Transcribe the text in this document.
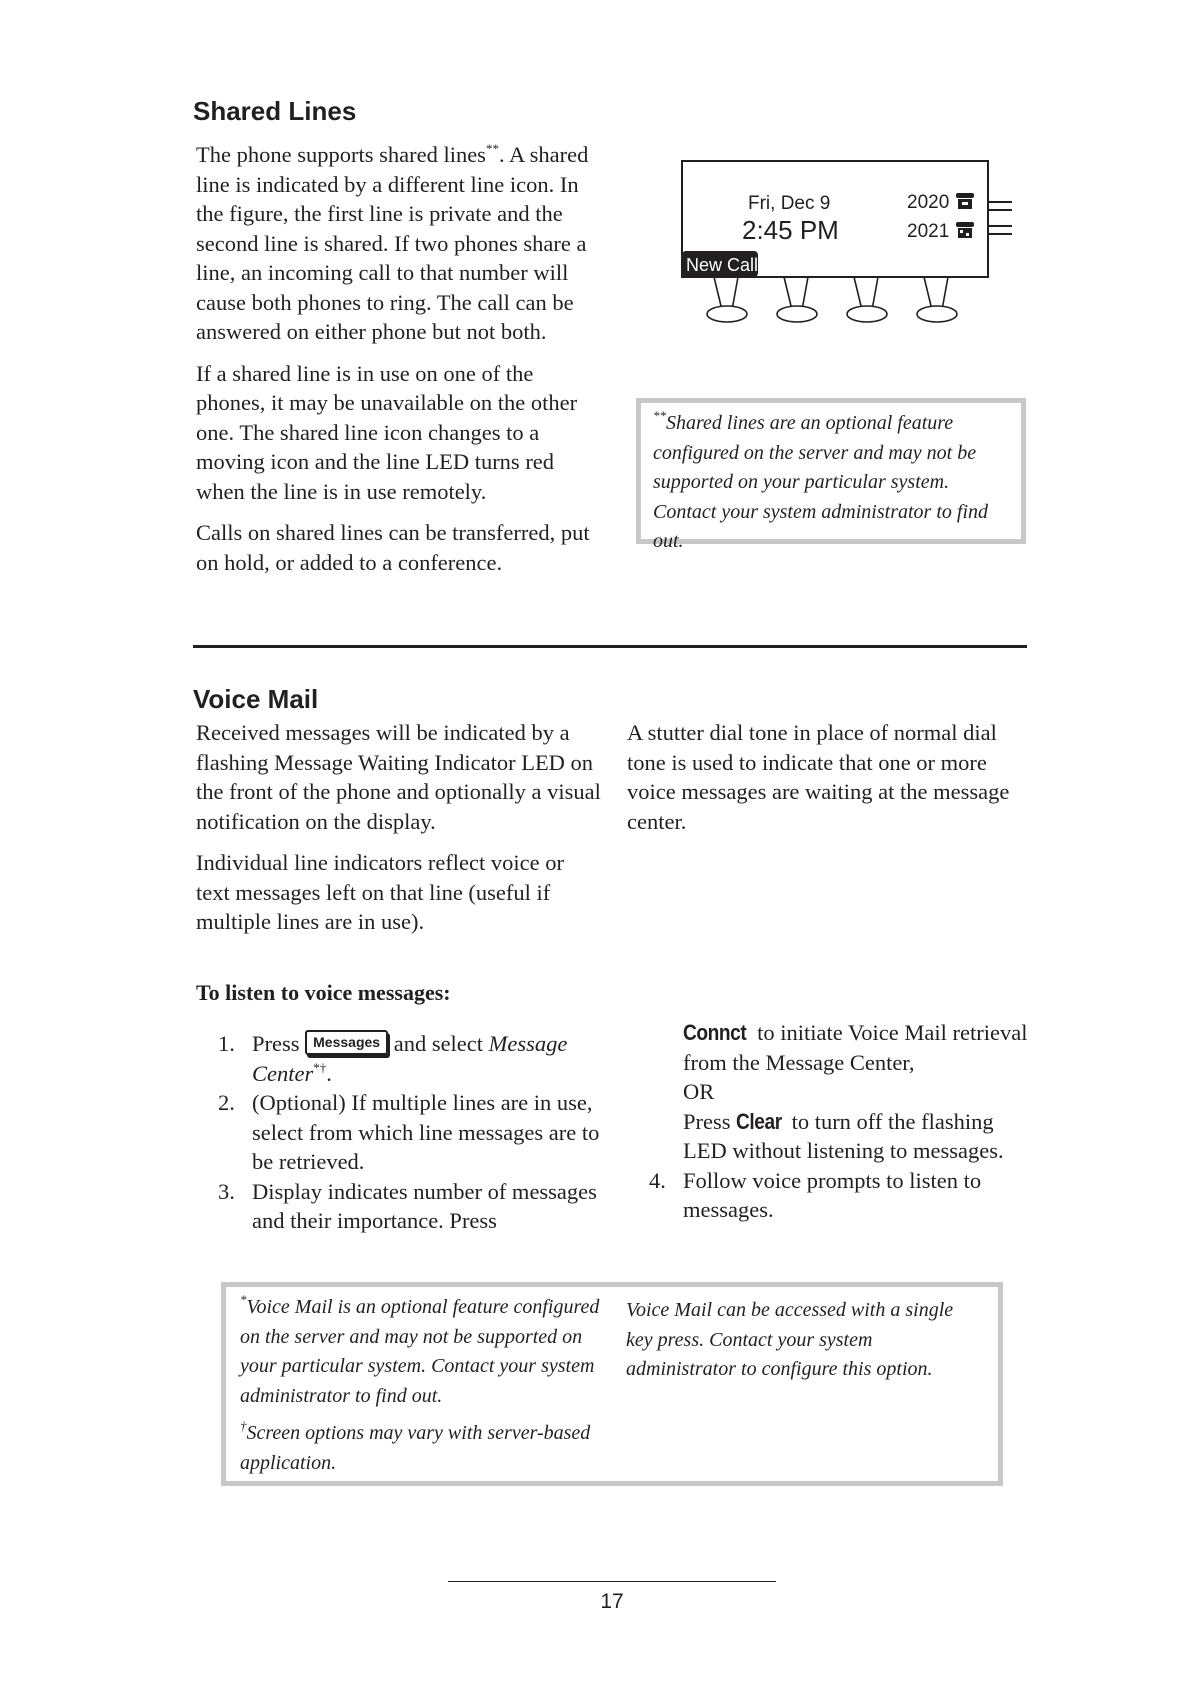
Shared Lines

The phone supports shared lines**. A shared line is indicated by a different line icon. In the figure, the first line is private and the second line is shared. If two phones share a line, an incoming call to that number will cause both phones to ring. The call can be answered on either phone but not both.

If a shared line is in use on one of the phones, it may be unavailable on the other one. The shared line icon changes to a moving icon and the line LED turns red when the line is in use remotely.

Calls on shared lines can be transferred, put on hold, or added to a conference.

Fri, Dec 9
2:45 PM
2020
2021
New Call

**Shared lines are an optional feature configured on the server and may not be supported on your particular system. Contact your system administrator to find out.

Voice Mail

Received messages will be indicated by a flashing Message Waiting Indicator LED on the front of the phone and optionally a visual notification on the display.

Individual line indicators reflect voice or text messages left on that line (useful if multiple lines are in use).

A stutter dial tone in place of normal dial tone is used to indicate that one or more voice messages are waiting at the message center.

To listen to voice messages:
1. Press Messages and select Message Center*†.
2. (Optional) If multiple lines are in use, select from which line messages are to be retrieved.
3. Display indicates number of messages and their importance. Press
Connct to initiate Voice Mail retrieval from the Message Center,
OR
Press Clear to turn off the flashing LED without listening to messages.
4. Follow voice prompts to listen to messages.

*Voice Mail is an optional feature configured on the server and may not be supported on your particular system. Contact your system administrator to find out.

†Screen options may vary with server-based application.

Voice Mail can be accessed with a single key press. Contact your system administrator to configure this option.

17
